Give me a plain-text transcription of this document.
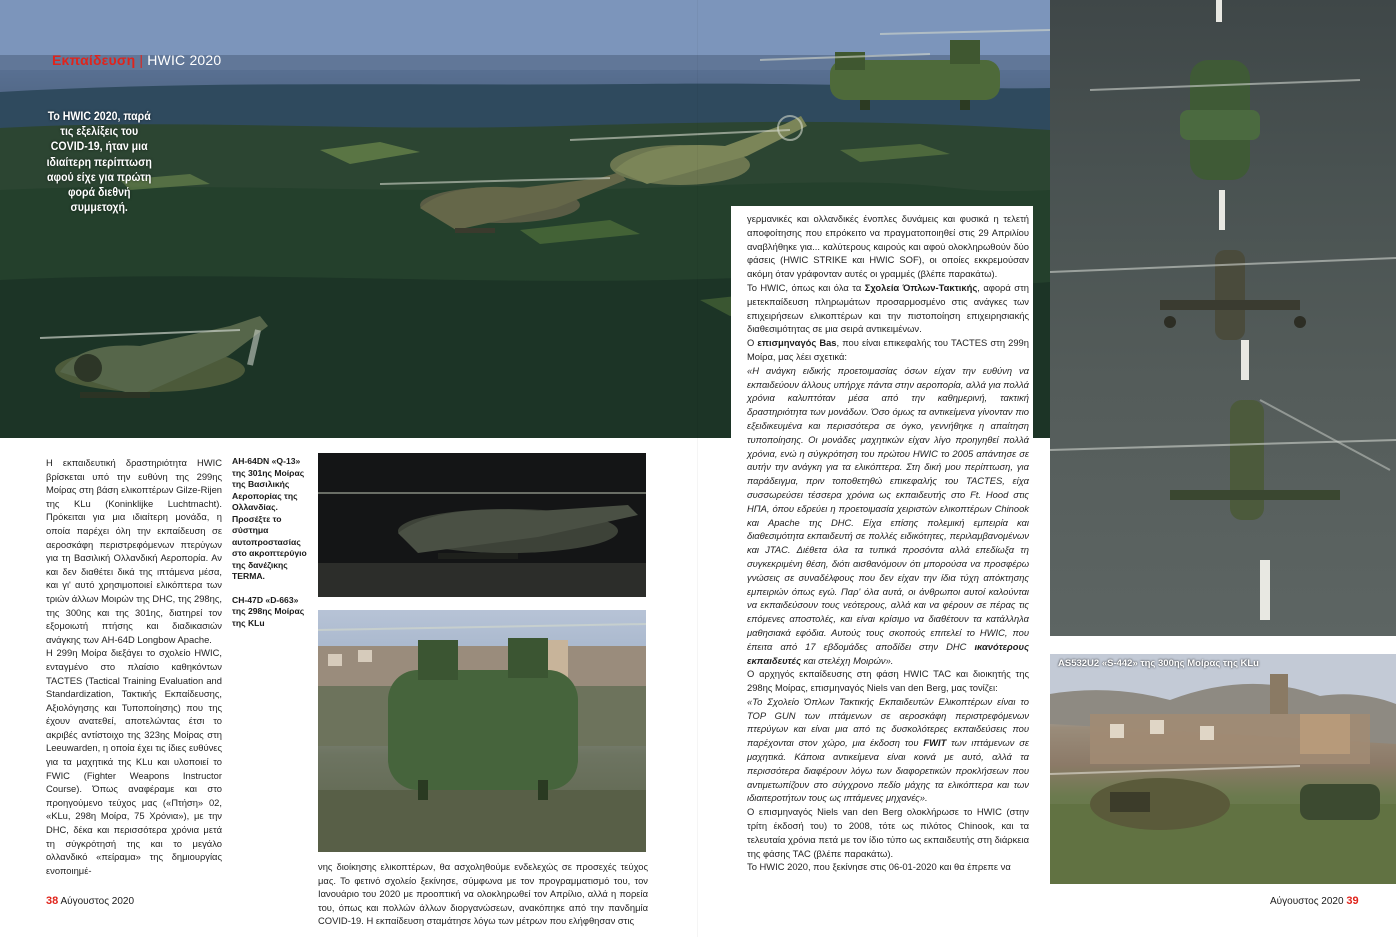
Εκπαίδευση | HWIC 2020
Το HWIC 2020, παρά τις εξελίξεις του COVID-19, ήταν μια ιδιαίτερη περίπτωση αφού είχε για πρώτη φορά διεθνή συμμετοχή.
AS532U2 «S-442» της 300ης Μοίρας της KLu

AH-64DN «Q-13» της 301ης Μοίρας της Βασιλικής Αεροπορίας της Ολλανδίας. Προσέξτε το σύστημα αυτοπροστασίας στο ακροπτερύγιο της δανέζικης TERMA.

CH-47D «D-663» της 298ης Μοίρας της KLu

Η εκπαιδευτική δραστηριότητα HWIC βρίσκεται υπό την ευθύνη της 299ης Μοίρας στη βάση ελικοπτέρων Gilze-Rijen της KLu (Koninklijke Luchtmacht). Πρόκειται για μια ιδιαίτερη μονάδα, η οποία παρέχει όλη την εκπαίδευση σε αεροσκάφη περιστρεφόμενων πτερύγων για τη Βασιλική Ολλανδική Αεροπορία. Αν και δεν διαθέτει δικά της ιπτάμενα μέσα, και γι' αυτό χρησιμοποιεί ελικόπτερα των τριών άλλων Μοιρών της DHC, της 298ης, της 300ης και της 301ης, διατηρεί τον εξομοιωτή πτήσης και διαδικασιών ανάγκης των AH-64D Longbow Apache.

Η 299η Μοίρα διεξάγει το σχολείο HWIC, ενταγμένο στο πλαίσιο καθηκόντων TACTES (Tactical Training Evaluation and Standardization, Τακτικής Εκπαίδευσης, Αξιολόγησης και Τυποποίησης) που της έχουν ανατεθεί, αποτελώντας έτσι το ακριβές αντίστοιχο της 323ης Μοίρας στη Leeuwarden, η οποία έχει τις ίδιες ευθύνες για τα μαχητικά της KLu και υλοποιεί το FWIC (Fighter Weapons Instructor Course). Όπως αναφέραμε και στο προηγούμενο τεύχος μας («Πτήση» 02, «KLu, 298η Μοίρα, 75 Χρόνια»), με την DHC, δέκα και περισσότερα χρόνια μετά τη σύγκρότησή της και το μεγάλο ολλανδικό «πείραμα» της δημιουργίας ενοποιημέ-	νης διοίκησης ελικοπτέρων, θα ασχοληθούμε ενδελεχώς σε προσεχές τεύχος μας. Το φετινό σχολείο ξεκίνησε, σύμφωνα με τον προγραμματισμό του, τον Ιανουάριο του 2020 με προοπτική να ολοκληρωθεί τον Απρίλιο, αλλά η πορεία του, όπως και πολλών άλλων διοργανώσεων, ανακόπηκε από την πανδημία COVID-19. Η εκπαίδευση σταμάτησε λόγω των μέτρων που ελήφθησαν στις

γερμανικές και ολλανδικές ένοπλες δυνάμεις και φυσικά η τελετή αποφοίτησης που επρόκειτο να πραγματοποιηθεί στις 29 Απριλίου αναβλήθηκε για... καλύτερους καιρούς και αφού ολοκληρωθούν δύο φάσεις (HWIC STRIKE και HWIC SOF), οι οποίες εκκρεμούσαν ακόμη όταν γράφονταν αυτές οι γραμμές (βλέπε παρακάτω).

Το HWIC, όπως και όλα τα Σχολεία Όπλων-Τακτικής, αφορά στη μετεκπαίδευση πληρωμάτων προσαρμοσμένο στις ανάγκες των επιχειρήσεων ελικοπτέρων και την πιστοποίηση επιχειρησιακής διαθεσιμότητας σε μια σειρά αντικειμένων.

Ο επισμηναγός Bas, που είναι επικεφαλής του TACTES στη 299η Μοίρα, μας λέει σχετικά:

«Η ανάγκη ειδικής προετοιμασίας όσων είχαν την ευθύνη να εκπαιδεύουν άλλους υπήρχε πάντα στην αεροπορία, αλλά για πολλά χρόνια καλυπτόταν μέσα από την καθημερινή, τακτική δραστηριότητα των μονάδων. Όσο όμως τα αντικείμενα γίνονταν πιο εξειδικευμένα και περισσότερα σε όγκο, γεννήθηκε η απαίτηση τυποποίησης. Οι μονάδες μαχητικών είχαν λίγο προηγηθεί πολλά χρόνια, ενώ η σύγκρότηση του πρώτου HWIC το 2005 απάντησε σε αυτήν την ανάγκη για τα ελικόπτερα. Στη δική μου περίπτωση, για παράδειγμα, πριν τοποθετηθώ επικεφαλής του TACTES, είχα συσσωρεύσει τέσσερα χρόνια ως εκπαιδευτής στο Ft. Hood στις ΗΠΑ, όπου εδρεύει η προετοιμασία χειριστών ελικοπτέρων Chinook και Apache της DHC. Είχα επίσης πολεμική εμπειρία και διαθεσιμότητα εκπαιδευτή σε πολλές ειδικότητες, περιλαμβανομένων και JTAC. Διέθετα όλα τα τυπικά προσόντα αλλά επεδίωξα τη συγκεκριμένη θέση, διότι αισθανόμουν ότι μπορούσα να προσφέρω γνώσεις σε συναδέλφους που δεν είχαν την ίδια τύχη απόκτησης εμπειριών όπως εγώ. Παρ' όλα αυτά, οι άνθρωποι αυτοί καλούνται να εκπαιδεύσουν τους νεότερους, αλλά και να φέρουν σε πέρας τις επόμενες αποστολές, και είναι κρίσιμο να διαθέτουν τα κατάλληλα μαθησιακά εφόδια. Αυτούς τους σκοπούς επιτελεί το HWIC, που έπειτα από 17 εβδομάδες αποδίδει στην DHC ικανότερους εκπαιδευτές και στελέχη Μοιρών».

Ο αρχηγός εκπαίδευσης στη φάση HWIC TAC και διοικητής της 298ης Μοίρας, επισμηναγός Niels van den Berg, μας τονίζει:

«Το Σχολείο Όπλων Τακτικής Εκπαιδευτών Ελικοπτέρων είναι το TOP GUN των ιπτάμενων σε αεροσκάφη περιστρεφόμενων πτερύγων και είναι μια από τις δυσκολότερες εκπαιδεύσεις που παρέχονται στον χώρο, μια έκδοση του FWIT των ιπτάμενων σε μαχητικά. Κάποια αντικείμενα είναι κοινά με αυτό, αλλά τα περισσότερα διαφέρουν λόγω των διαφορετικών προκλήσεων που αντιμετωπίζουν στο σύγχρονο πεδίο μάχης τα ελικόπτερα και των ιδιαιτεροτήτων τους ως ιπτάμενες μηχανές».

Ο επισμηναγός Niels van den Berg ολοκλήρωσε το HWIC (στην τρίτη έκδοσή του) το 2008, τότε ως πιλότος Chinook, και τα τελευταία χρόνια πετά με τον ίδιο τύπο ως εκπαιδευτής στη διάρκεια της φάσης TAC (βλέπε παρακάτω).

Το HWIC 2020, που ξεκίνησε στις 06-01-2020 και θα έπρεπε να

38 Αύγουστος 2020	Αύγουστος 2020 39
